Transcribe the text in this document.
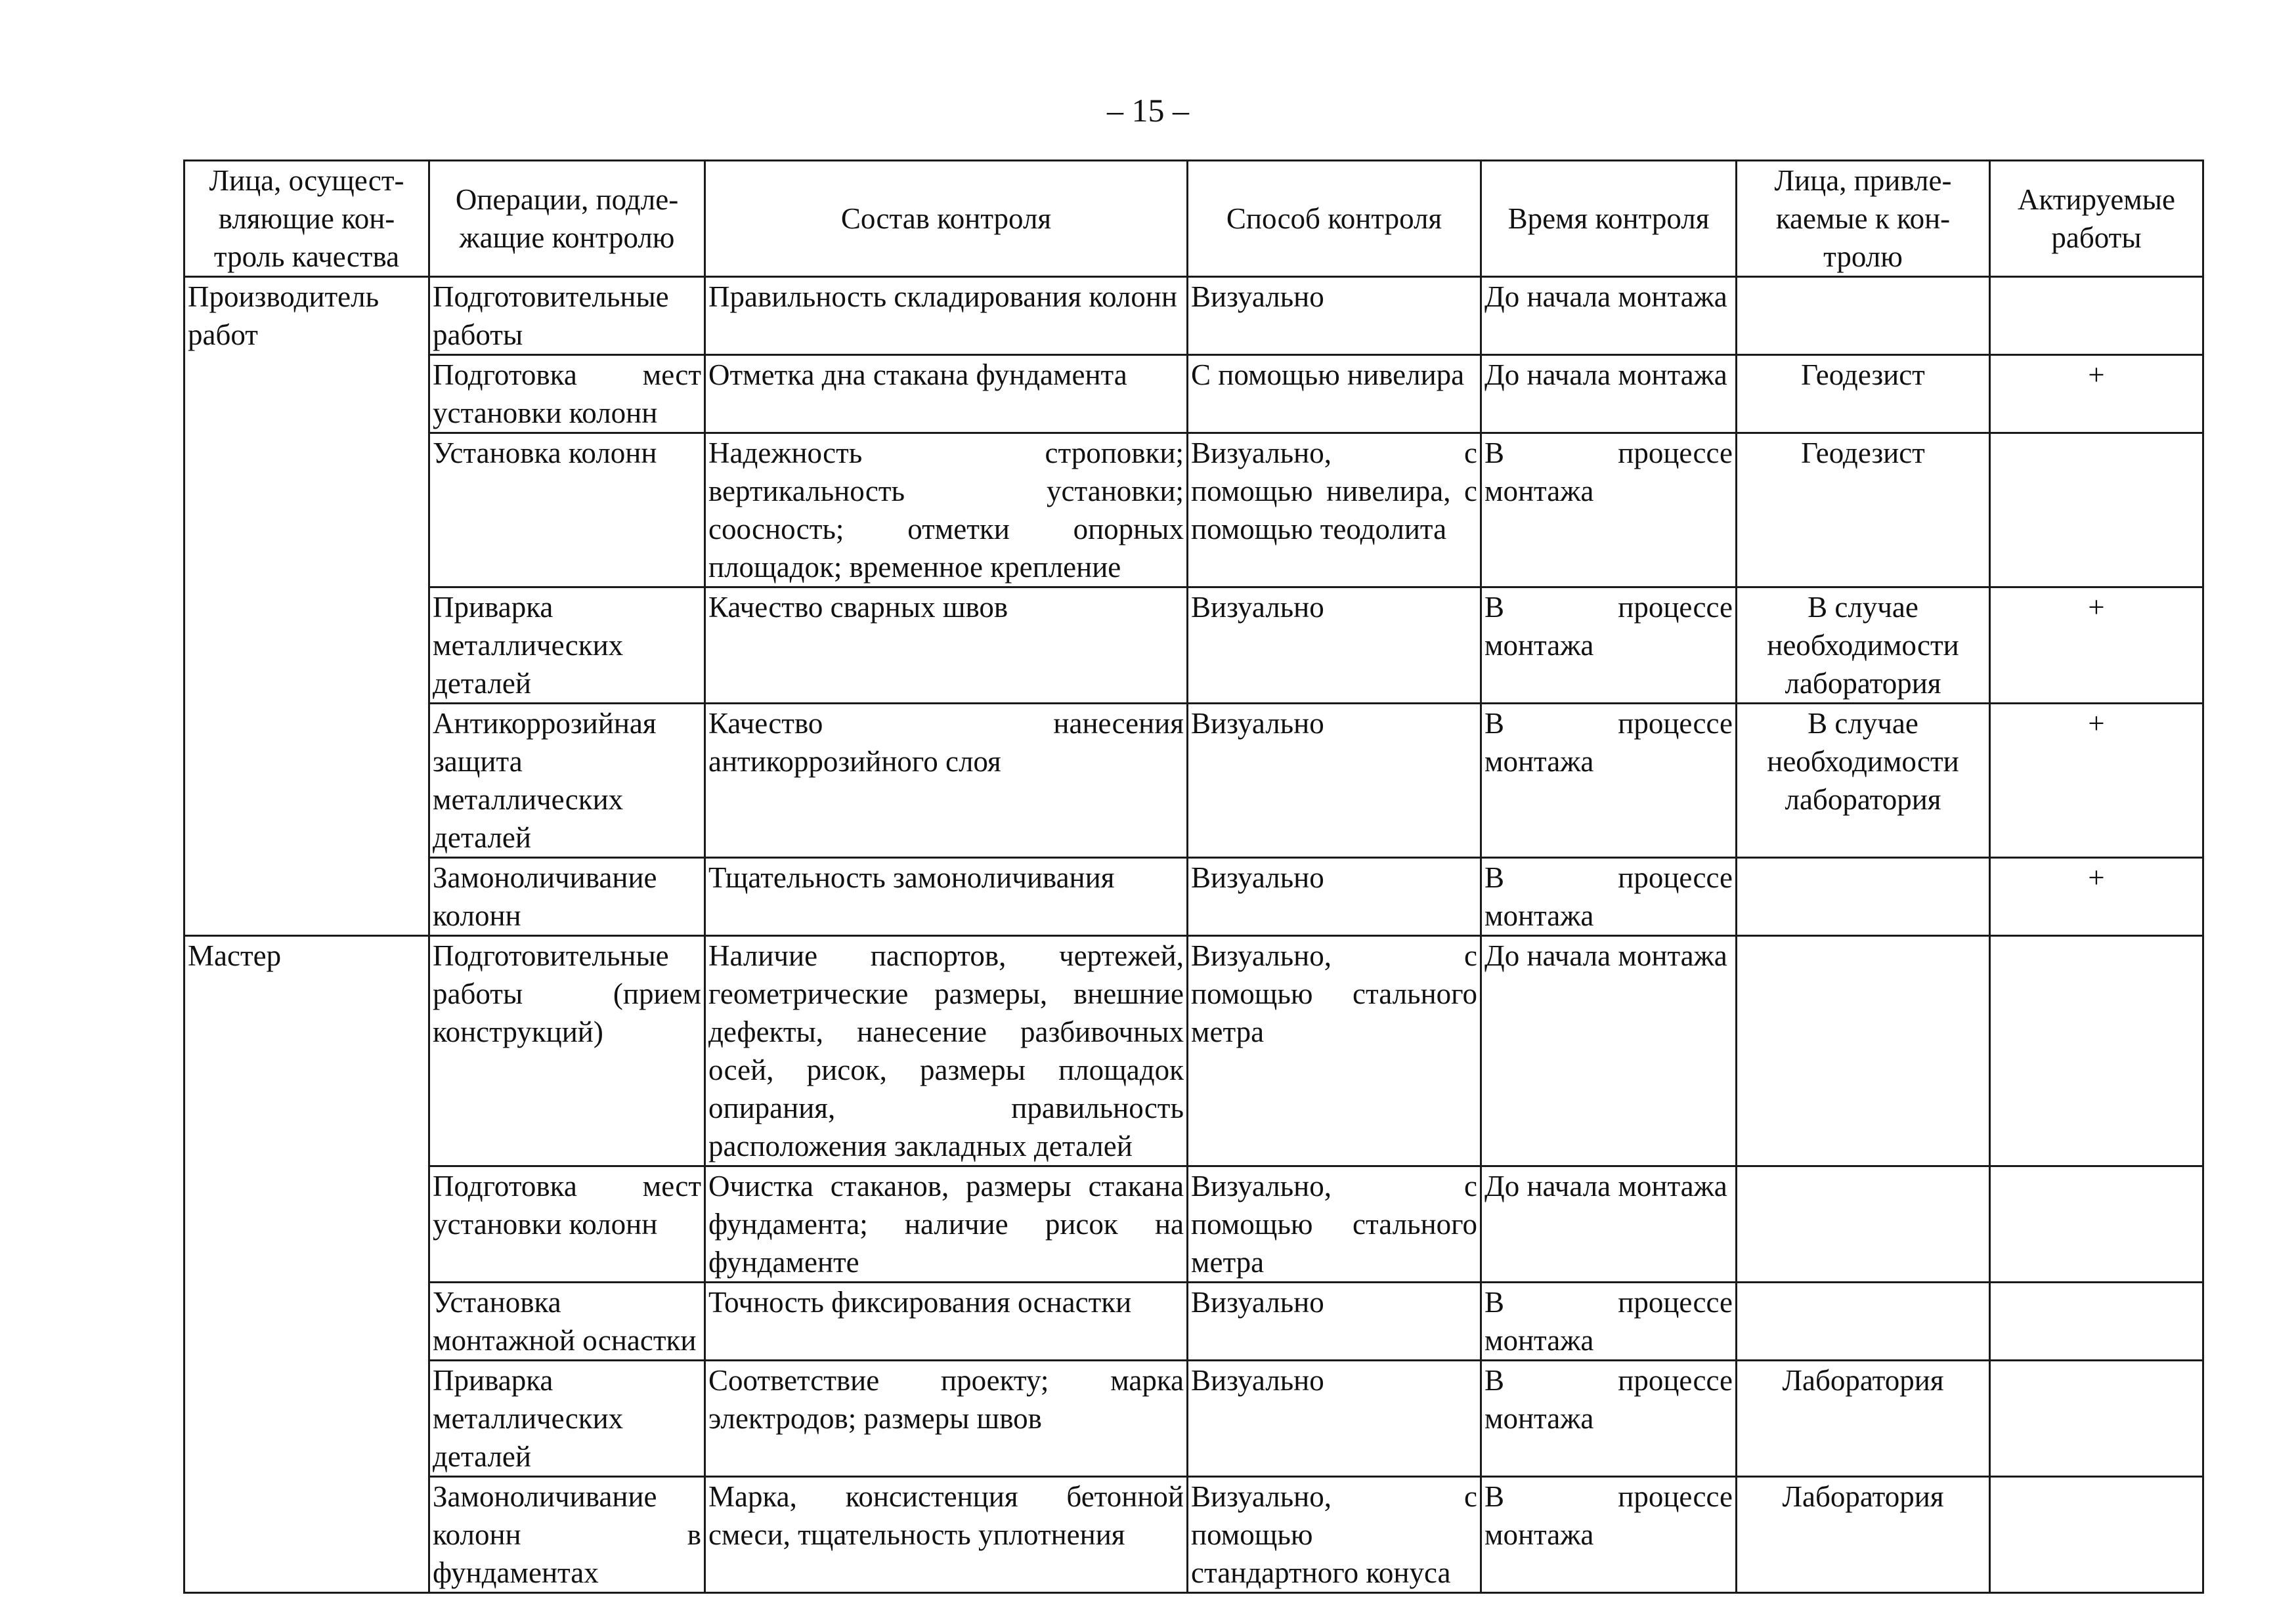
– 15 –
Лица, осущест-вляющие кон-троль качества	Операции, подле-жащие контролю	Состав контроля	Способ контроля	Время контроля	Лица, привле-каемые к кон-тролю	Актируемые работы
Производитель работ	Подготовительные работы	Правильность складирования колонн	Визуально	До начала монтажа		
	Подготовка мест установки колонн	Отметка дна стакана фундамента	С помощью нивелира	До начала монтажа	Геодезист	+
	Установка колонн	Надежность строповки; вертикальность установки; соосность; отметки опорных площадок; временное крепление	Визуально, с помощью нивелира, с помощью теодолита	В процессе монтажа	Геодезист	
	Приварка металлических деталей	Качество сварных швов	Визуально	В процессе монтажа	В случае необходимости лаборатория	+
	Антикоррозийная защита металлических деталей	Качество нанесения антикоррозийного слоя	Визуально	В процессе монтажа	В случае необходимости лаборатория	+
	Замоноличивание колонн	Тщательность замоноличивания	Визуально	В процессе монтажа		+
Мастер	Подготовительные работы (прием конструкций)	Наличие паспортов, чертежей, геометрические размеры, внешние дефекты, нанесение разбивочных осей, рисок, размеры площадок опирания, правильность расположения закладных деталей	Визуально, с помощью стального метра	До начала монтажа		
	Подготовка мест установки колонн	Очистка стаканов, размеры стакана фундамента; наличие рисок на фундаменте	Визуально, с помощью стального метра	До начала монтажа		
	Установка монтажной оснастки	Точность фиксирования оснастки	Визуально	В процессе монтажа		
	Приварка металлических деталей	Соответствие проекту; марка электродов; размеры швов	Визуально	В процессе монтажа	Лаборатория	
	Замоноличивание колонн в фундаментах	Марка, консистенция бетонной смеси, тщательность уплотнения	Визуально, с помощью стандартного конуса	В процессе монтажа	Лаборатория	
